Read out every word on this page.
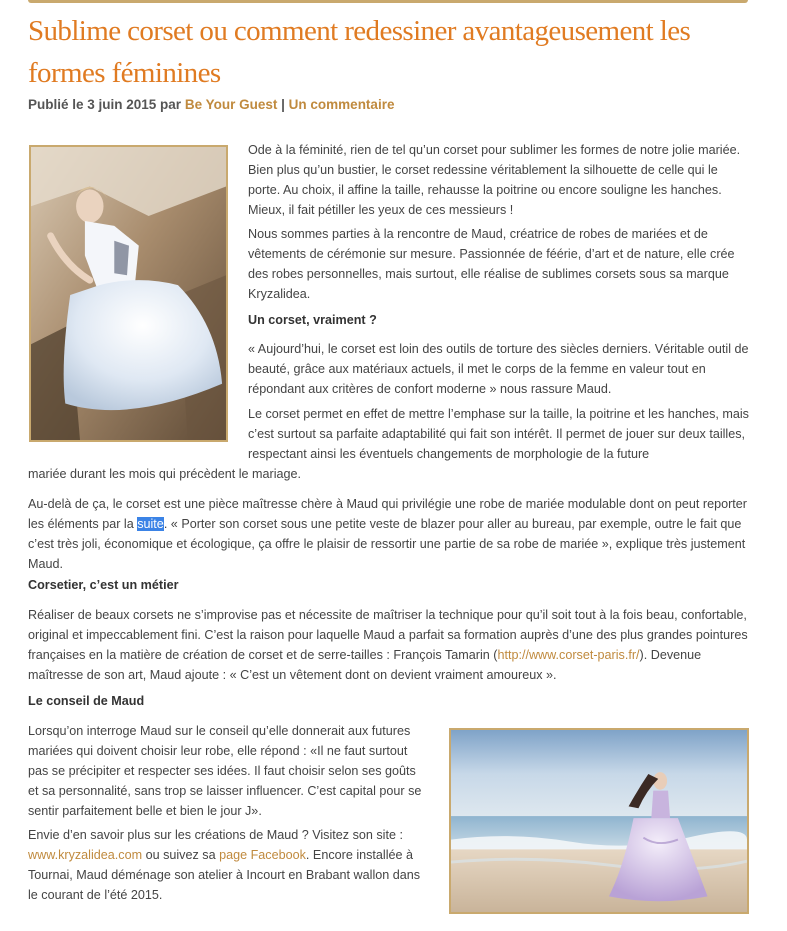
Sublime corset ou comment redessiner avantageusement les formes féminines
Publié le 3 juin 2015 par Be Your Guest | Un commentaire

Ode à la féminité, rien de tel qu’un corset pour sublimer les formes de notre jolie mariée. Bien plus qu’un bustier, le corset redessine véritablement la silhouette de celle qui le porte. Au choix, il affine la taille, rehausse la poitrine ou encore souligne les hanches. Mieux, il fait pétiller les yeux de ces messieurs !

Nous sommes parties à la rencontre de Maud, créatrice de robes de mariées et de vêtements de cérémonie sur mesure. Passionnée de féérie, d’art et de nature, elle crée des robes personnelles, mais surtout, elle réalise de sublimes corsets sous sa marque Kryzalidea.

Un corset, vraiment ?

« Aujourd’hui, le corset est loin des outils de torture des siècles derniers. Véritable outil de beauté, grâce aux matériaux actuels, il met le corps de la femme en valeur tout en répondant aux critères de confort moderne » nous rassure Maud.

Le corset permet en effet de mettre l’emphase sur la taille, la poitrine et les hanches, mais c’est surtout sa parfaite adaptabilité qui fait son intérêt. Il permet de jouer sur deux tailles, respectant ainsi les éventuels changements de morphologie de la future

mariée durant les mois qui précèdent le mariage.

Au-delà de ça, le corset est une pièce maîtresse chère à Maud qui privilégie une robe de mariée modulable dont on peut reporter les éléments par la suite. « Porter son corset sous une petite veste de blazer pour aller au bureau, par exemple, outre le fait que c’est très joli, économique et écologique, ça offre le plaisir de ressortir une partie de sa robe de mariée », explique très justement Maud.

Corsetier, c’est un métier

Réaliser de beaux corsets ne s’improvise pas et nécessite de maîtriser la technique pour qu’il soit tout à la fois beau, confortable, original et impeccablement fini. C’est la raison pour laquelle Maud a parfait sa formation auprès d’une des plus grandes pointures françaises en la matière de création de corset et de serre-tailles : François Tamarin (http://www.corset-paris.fr/). Devenue maîtresse de son art, Maud ajoute : « C’est un vêtement dont on devient vraiment amoureux ».

Le conseil de Maud

Lorsqu’on interroge Maud sur le conseil qu’elle donnerait aux futures mariées qui doivent choisir leur robe, elle répond : «Il ne faut surtout pas se précipiter et respecter ses idées. Il faut choisir selon ses goûts et sa personnalité, sans trop se laisser influencer. C’est capital pour se sentir parfaitement belle et bien le jour J».

Envie d’en savoir plus sur les créations de Maud ? Visitez son site : www.kryzalidea.com ou suivez sa page Facebook. Encore installée à Tournai, Maud déménage son atelier à Incourt en Brabant wallon dans le courant de l’été 2015.
